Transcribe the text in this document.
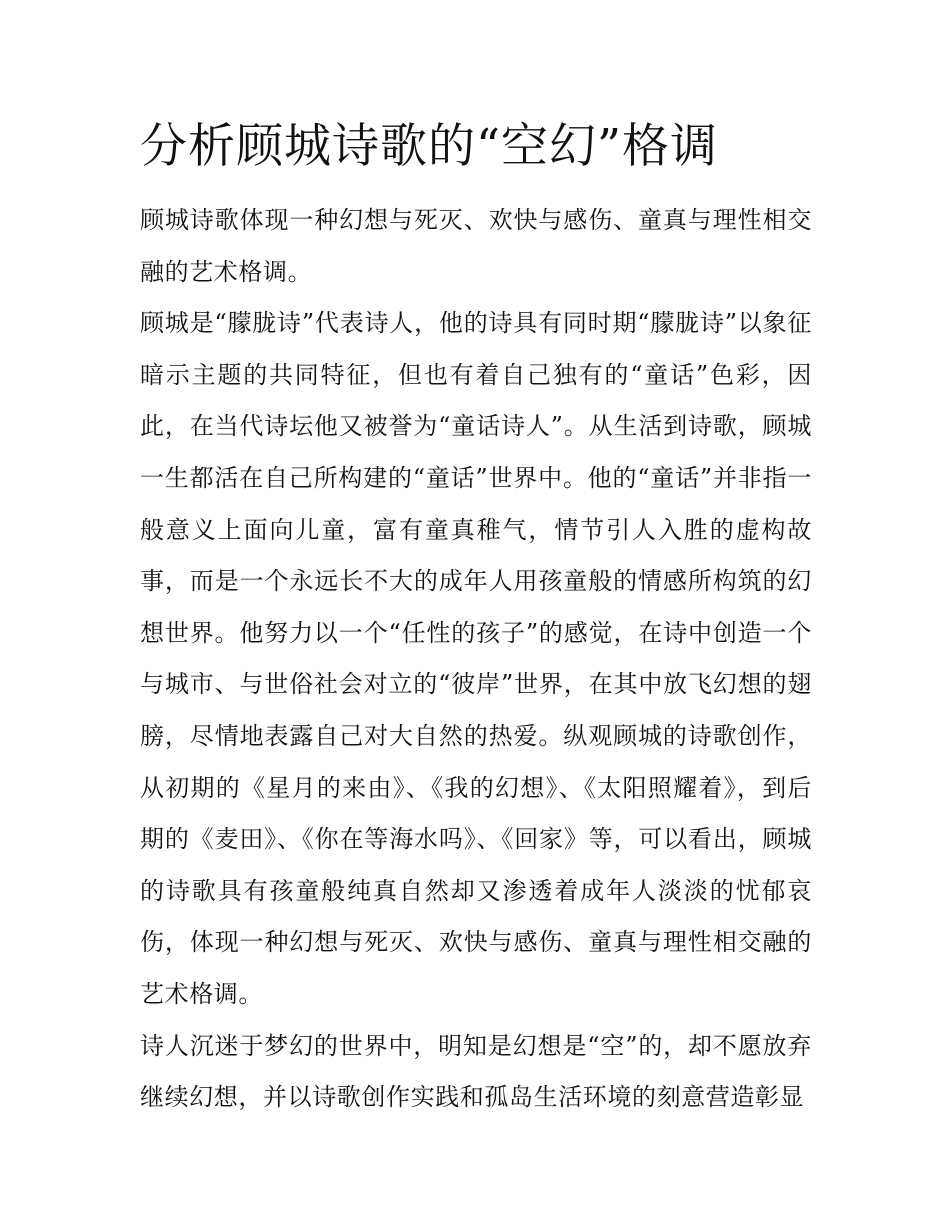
分析顾城诗歌的“空幻”格调

顾城诗歌体现一种幻想与死灭、欢快与感伤、童真与理性相交融的艺术格调。

顾城是“朦胧诗”代表诗人，他的诗具有同时期“朦胧诗”以象征暗示主题的共同特征，但也有着自己独有的“童话”色彩，因此，在当代诗坛他又被誉为“童话诗人”。从生活到诗歌，顾城一生都活在自己所构建的“童话”世界中。他的“童话”并非指一般意义上面向儿童，富有童真稚气，情节引人入胜的虚构故事，而是一个永远长不大的成年人用孩童般的情感所构筑的幻想世界。他努力以一个“任性的孩子”的感觉，在诗中创造一个与城市、与世俗社会对立的“彼岸”世界，在其中放飞幻想的翅膀，尽情地表露自己对大自然的热爱。纵观顾城的诗歌创作，从初期的《星月的来由》、《我的幻想》、《太阳照耀着》，到后期的《麦田》、《你在等海水吗》、《回家》等，可以看出，顾城的诗歌具有孩童般纯真自然却又渗透着成年人淡淡的忧郁哀伤，体现一种幻想与死灭、欢快与感伤、童真与理性相交融的艺术格调。

诗人沉迷于梦幻的世界中，明知是幻想是“空”的，却不愿放弃继续幻想，并以诗歌创作实践和孤岛生活环境的刻意营造彰显
